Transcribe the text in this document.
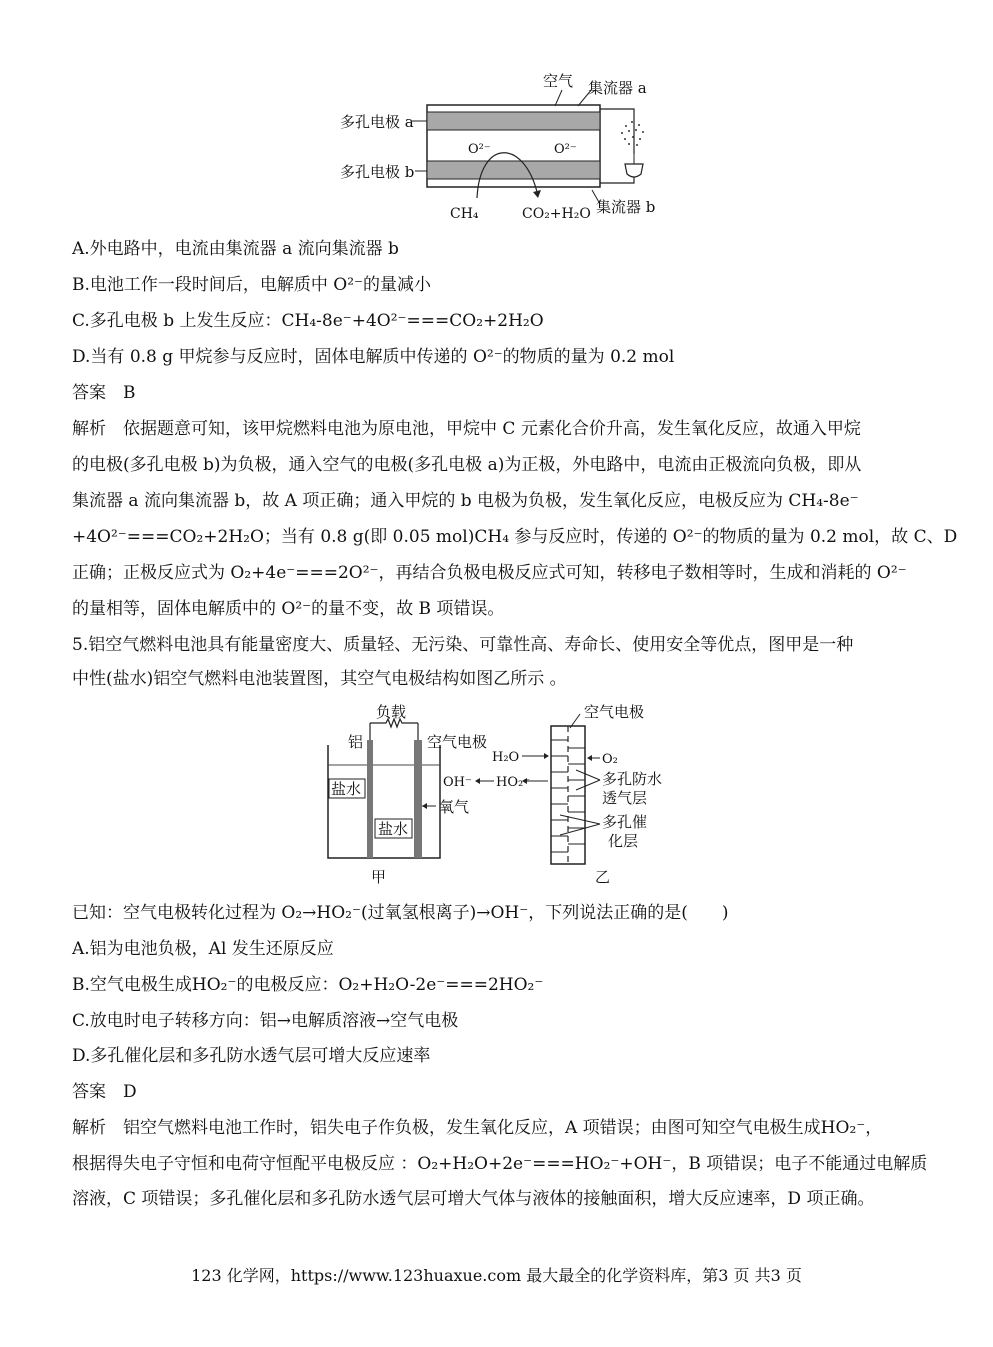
空气 集流器 a
多孔电极 a
O²⁻	O²⁻
多孔电极 b
CH₄	CO₂+H₂O 集流器 b
A.外电路中，电流由集流器 a 流向集流器 b
B.电池工作一段时间后，电解质中 O²⁻的量减小
C.多孔电极 b 上发生反应：CH₄-8e⁻+4O²⁻===CO₂+2H₂O
D.当有 0.8 g 甲烷参与反应时，固体电解质中传递的 O²⁻的物质的量为 0.2 mol
答案　B
解析　依据题意可知，该甲烷燃料电池为原电池，甲烷中 C 元素化合价升高，发生氧化反应，故通入甲烷
的电极(多孔电极 b)为负极，通入空气的电极(多孔电极 a)为正极，外电路中，电流由正极流向负极，即从
集流器 a 流向集流器 b，故 A 项正确；通入甲烷的 b 电极为负极，发生氧化反应，电极反应为 CH₄-8e⁻
+4O²⁻===CO₂+2H₂O；当有 0.8 g(即 0.05 mol)CH₄ 参与反应时，传递的 O²⁻的物质的量为 0.2 mol，故 C、D
正确；正极反应式为 O₂+4e⁻===2O²⁻，再结合负极电极反应式可知，转移电子数相等时，生成和消耗的 O²⁻
的量相等，固体电解质中的 O²⁻的量不变，故 B 项错误。
5.铝空气燃料电池具有能量密度大、质量轻、无污染、可靠性高、寿命长、使用安全等优点，图甲是一种
中性(盐水)铝空气燃料电池装置图，其空气电极结构如图乙所示 。
负载
铝	空气电极
盐水
盐水
氧气
甲
空气电极
H₂O	O₂
OH⁻ HO₂⁻	多孔防水
透气层
多孔催
化层
乙
已知：空气电极转化过程为 O₂→HO₂⁻(过氧氢根离子)→OH⁻，下列说法正确的是(　　)
A.铝为电池负极，Al 发生还原反应
B.空气电极生成HO₂⁻的电极反应：O₂+H₂O-2e⁻===2HO₂⁻
C.放电时电子转移方向：铝→电解质溶液→空气电极
D.多孔催化层和多孔防水透气层可增大反应速率
答案　D
解析　铝空气燃料电池工作时，铝失电子作负极，发生氧化反应，A 项错误；由图可知空气电极生成HO₂⁻，
根据得失电子守恒和电荷守恒配平电极反应 ：O₂+H₂O+2e⁻===HO₂⁻+OH⁻，B 项错误；电子不能通过电解质
溶液，C 项错误；多孔催化层和多孔防水透气层可增大气体与液体的接触面积，增大反应速率，D 项正确。
123 化学网，https://www.123huaxue.com 最大最全的化学资料库，第3 页 共3 页
